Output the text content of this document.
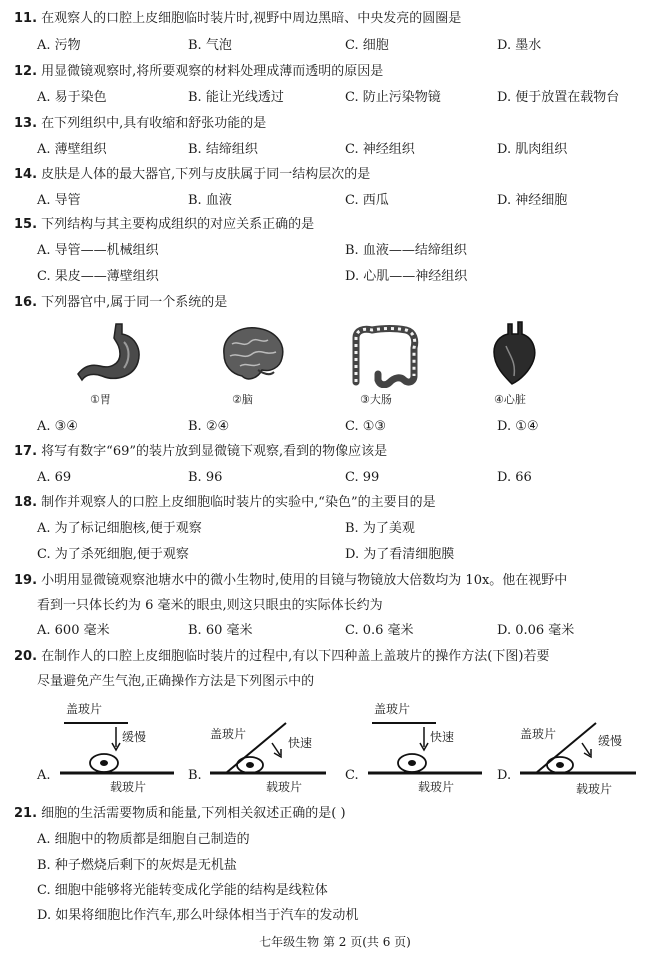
11. 在观察人的口腔上皮细胞临时装片时,视野中周边黑暗、中央发亮的圆圈是
A. 污物	B. 气泡	C. 细胞	D. 墨水
12. 用显微镜观察时,将所要观察的材料处理成薄而透明的原因是
A. 易于染色	B. 能让光线透过	C. 防止污染物镜	D. 便于放置在载物台
13. 在下列组织中,具有收缩和舒张功能的是
A. 薄壁组织	B. 结缔组织	C. 神经组织	D. 肌肉组织
14. 皮肤是人体的最大器官,下列与皮肤属于同一结构层次的是
A. 导管	B. 血液	C. 西瓜	D. 神经细胞
15. 下列结构与其主要构成组织的对应关系正确的是
A. 导管——机械组织	B. 血液——结缔组织
C. 果皮——薄壁组织	D. 心肌——神经组织
16. 下列器官中,属于同一个系统的是
①胃	②脑	③大肠	④心脏
A. ③④	B. ②④	C. ①③	D. ①④
17. 将写有数字“69”的装片放到显微镜下观察,看到的物像应该是
A. 69	B. 96	C. 99	D. 66
18. 制作并观察人的口腔上皮细胞临时装片的实验中,“染色”的主要目的是
A. 为了标记细胞核,便于观察	B. 为了美观
C. 为了杀死细胞,便于观察	D. 为了看清细胞膜
19. 小明用显微镜观察池塘水中的微小生物时,使用的目镜与物镜放大倍数均为 10x。他在视野中
看到一只体长约为 6 毫米的眼虫,则这只眼虫的实际体长约为
A. 600 毫米	B. 60 毫米	C. 0.6 毫米	D. 0.06 毫米
20. 在制作人的口腔上皮细胞临时装片的过程中,有以下四种盖上盖玻片的操作方法(下图)若要
尽量避免产生气泡,正确操作方法是下列图示中的
盖玻片
缓慢
载玻片
A.
盖玻片
快速
载玻片
B.
盖玻片
快速
载玻片
C.
盖玻片	缓慢
载玻片
D.
21. 细胞的生活需要物质和能量,下列相关叙述正确的是( )
A. 细胞中的物质都是细胞自己制造的
B. 种子燃烧后剩下的灰烬是无机盐
C. 细胞中能够将光能转变成化学能的结构是线粒体
D. 如果将细胞比作汽车,那么叶绿体相当于汽车的发动机
七年级生物 第 2 页(共 6 页)
